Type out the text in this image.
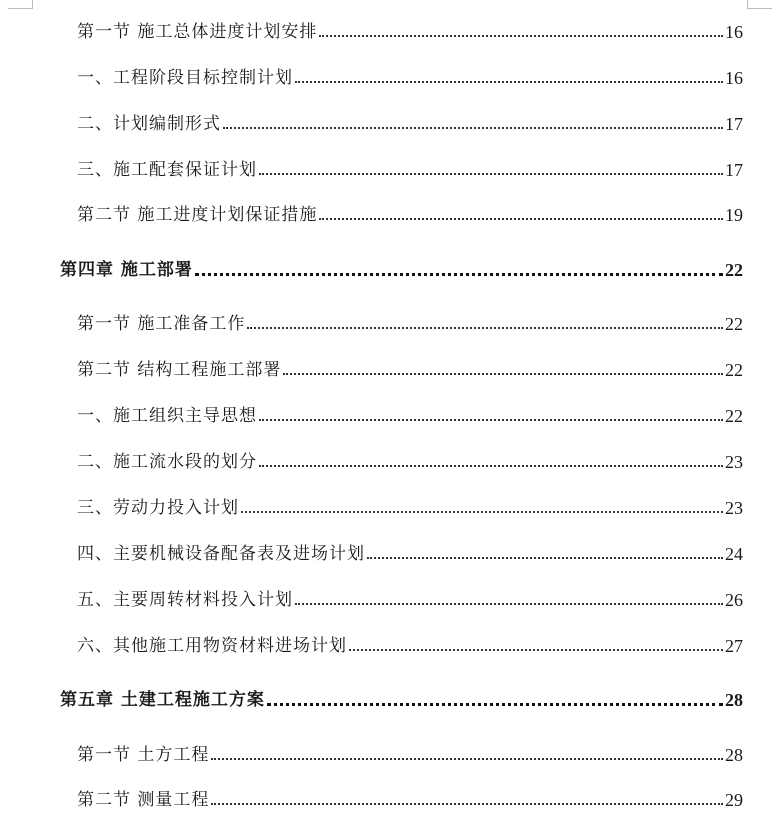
第一节 施工总体进度计划安排	16
一、工程阶段目标控制计划	16
二、计划编制形式	17
三、施工配套保证计划	17
第二节 施工进度计划保证措施	19
第四章 施工部署	22
第一节 施工准备工作	22
第二节 结构工程施工部署	22
一、施工组织主导思想	22
二、施工流水段的划分	23
三、劳动力投入计划	23
四、主要机械设备配备表及进场计划	24
五、主要周转材料投入计划	26
六、其他施工用物资材料进场计划	27
第五章 土建工程施工方案	28
第一节 土方工程	28
第二节 测量工程	29
